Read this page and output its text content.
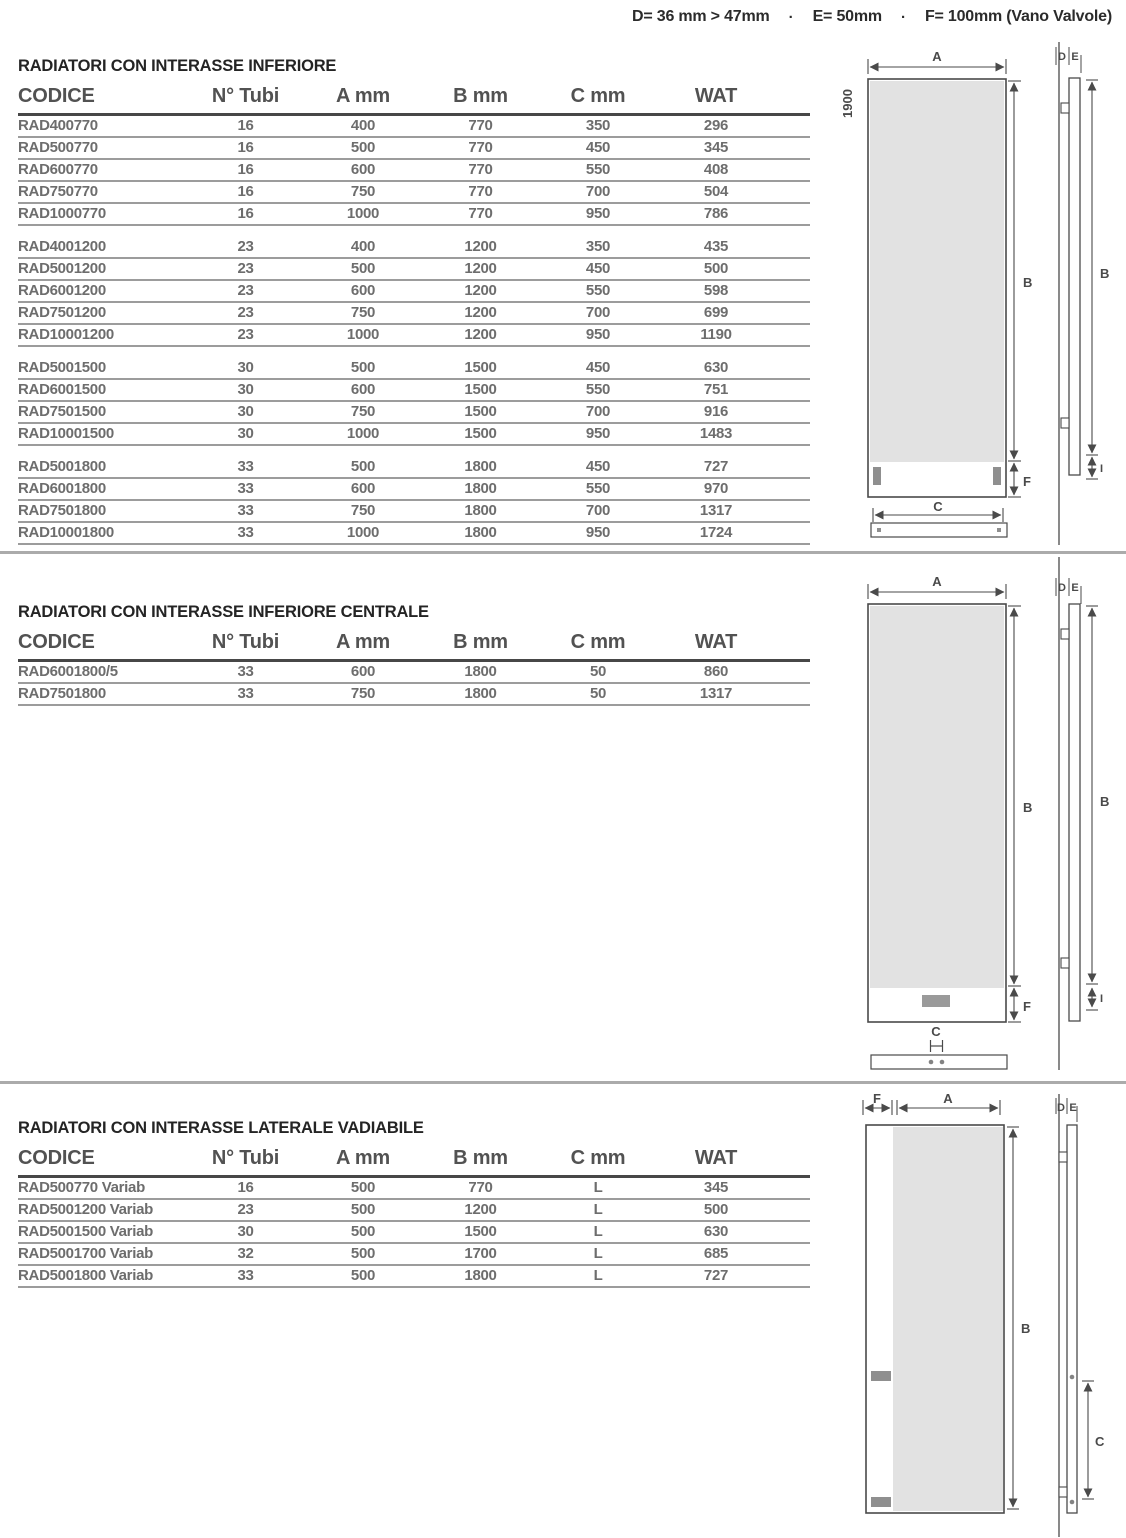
D= 36 mm > 47mm · E= 50mm · F= 100mm (Vano Valvole)
RADIATORI CON INTERASSE INFERIORE
CODICE	N° Tubi	A mm	B mm	C mm	WAT
RAD400770	16	400	770	350	296
RAD500770	16	500	770	450	345
RAD600770	16	600	770	550	408
RAD750770	16	750	770	700	504
RAD1000770	16	1000	770	950	786
RAD4001200	23	400	1200	350	435
RAD5001200	23	500	1200	450	500
RAD6001200	23	600	1200	550	598
RAD7501200	23	750	1200	700	699
RAD10001200	23	1000	1200	950	1190
RAD5001500	30	500	1500	450	630
RAD6001500	30	600	1500	550	751
RAD7501500	30	750	1500	700	916
RAD10001500	30	1000	1500	950	1483
RAD5001800	33	500	1800	450	727
RAD6001800	33	600	1800	550	970
RAD7501800	33	750	1800	700	1317
RAD10001800	33	1000	1800	950	1724
RADIATORI CON INTERASSE INFERIORE CENTRALE
CODICE	N° Tubi	A mm	B mm	C mm	WAT
RAD6001800/5	33	600	1800	50	860
RAD7501800	33	750	1800	50	1317
RADIATORI CON INTERASSE LATERALE VADIABILE
CODICE	N° Tubi	A mm	B mm	C mm	WAT
RAD500770 Variab	16	500	770	L	345
RAD5001200 Variab	23	500	1200	L	500
RAD5001500 Variab	30	500	1500	L	630
RAD5001700 Variab	32	500	1700	L	685
RAD5001800 Variab	33	500	1800	L	727
1900
A
B
F
C
D E
B
I
A
B
F
C
D E
B
I
F	A
B
D E
C
